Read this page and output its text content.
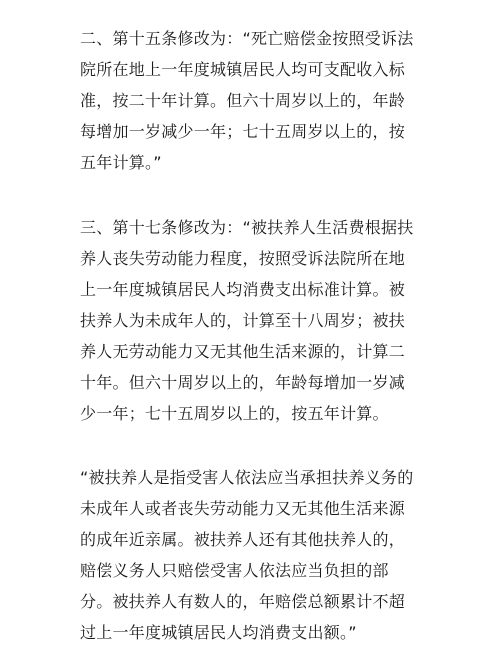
二、第十五条修改为：“死亡赔偿金按照受诉法
院所在地上一年度城镇居民人均可支配收入标
准，按二十年计算。但六十周岁以上的，年龄
每增加一岁减少一年；七十五周岁以上的，按
五年计算。”
三、第十七条修改为：“被扶养人生活费根据扶
养人丧失劳动能力程度，按照受诉法院所在地
上一年度城镇居民人均消费支出标准计算。被
扶养人为未成年人的，计算至十八周岁；被扶
养人无劳动能力又无其他生活来源的，计算二
十年。但六十周岁以上的，年龄每增加一岁减
少一年；七十五周岁以上的，按五年计算。
“被扶养人是指受害人依法应当承担扶养义务的
未成年人或者丧失劳动能力又无其他生活来源
的成年近亲属。被扶养人还有其他扶养人的，
赔偿义务人只赔偿受害人依法应当负担的部
分。被扶养人有数人的，年赔偿总额累计不超
过上一年度城镇居民人均消费支出额。”
